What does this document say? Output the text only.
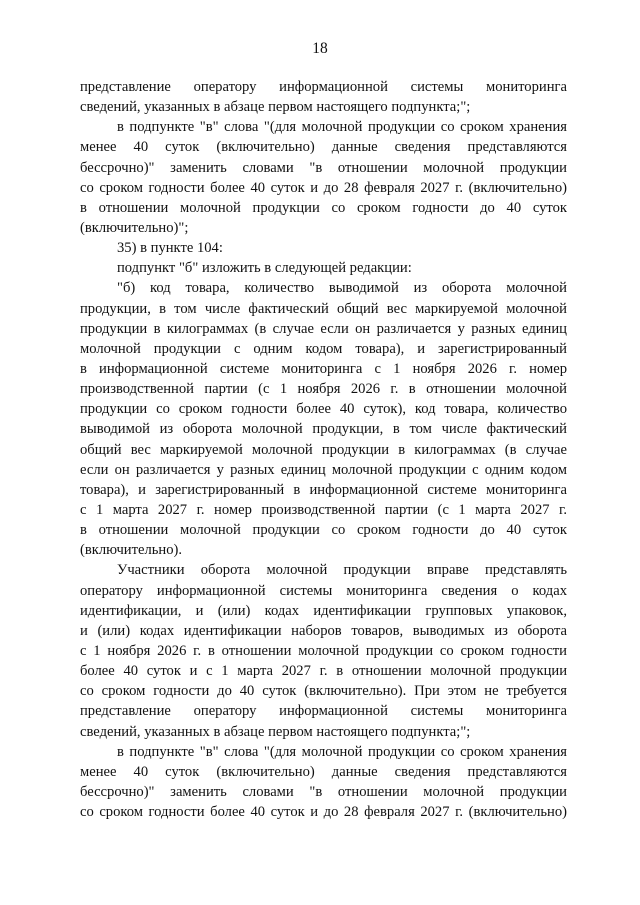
18
представление оператору информационной системы мониторинга
сведений, указанных в абзаце первом настоящего подпункта;";
в подпункте "в" слова "(для молочной продукции со сроком хранения
менее 40 суток (включительно) данные сведения представляются
бессрочно)" заменить словами "в отношении молочной продукции
со сроком годности более 40 суток и до 28 февраля 2027 г. (включительно)
в отношении молочной продукции со сроком годности до 40 суток
(включительно)";
35) в пункте 104:
подпункт "б" изложить в следующей редакции:
"б) код товара, количество выводимой из оборота молочной
продукции, в том числе фактический общий вес маркируемой молочной
продукции в килограммах (в случае если он различается у разных единиц
молочной продукции с одним кодом товара), и зарегистрированный
в информационной системе мониторинга с 1 ноября 2026 г. номер
производственной партии (с 1 ноября 2026 г. в отношении молочной
продукции со сроком годности более 40 суток), код товара, количество
выводимой из оборота молочной продукции, в том числе фактический
общий вес маркируемой молочной продукции в килограммах (в случае
если он различается у разных единиц молочной продукции с одним кодом
товара), и зарегистрированный в информационной системе мониторинга
с 1 марта 2027 г. номер производственной партии (с 1 марта 2027 г.
в отношении молочной продукции со сроком годности до 40 суток
(включительно).
Участники оборота молочной продукции вправе представлять
оператору информационной системы мониторинга сведения о кодах
идентификации, и (или) кодах идентификации групповых упаковок,
и (или) кодах идентификации наборов товаров, выводимых из оборота
с 1 ноября 2026 г. в отношении молочной продукции со сроком годности
более 40 суток и с 1 марта 2027 г. в отношении молочной продукции
со сроком годности до 40 суток (включительно). При этом не требуется
представление оператору информационной системы мониторинга
сведений, указанных в абзаце первом настоящего подпункта;";
в подпункте "в" слова "(для молочной продукции со сроком хранения
менее 40 суток (включительно) данные сведения представляются
бессрочно)" заменить словами "в отношении молочной продукции
со сроком годности более 40 суток и до 28 февраля 2027 г. (включительно)
